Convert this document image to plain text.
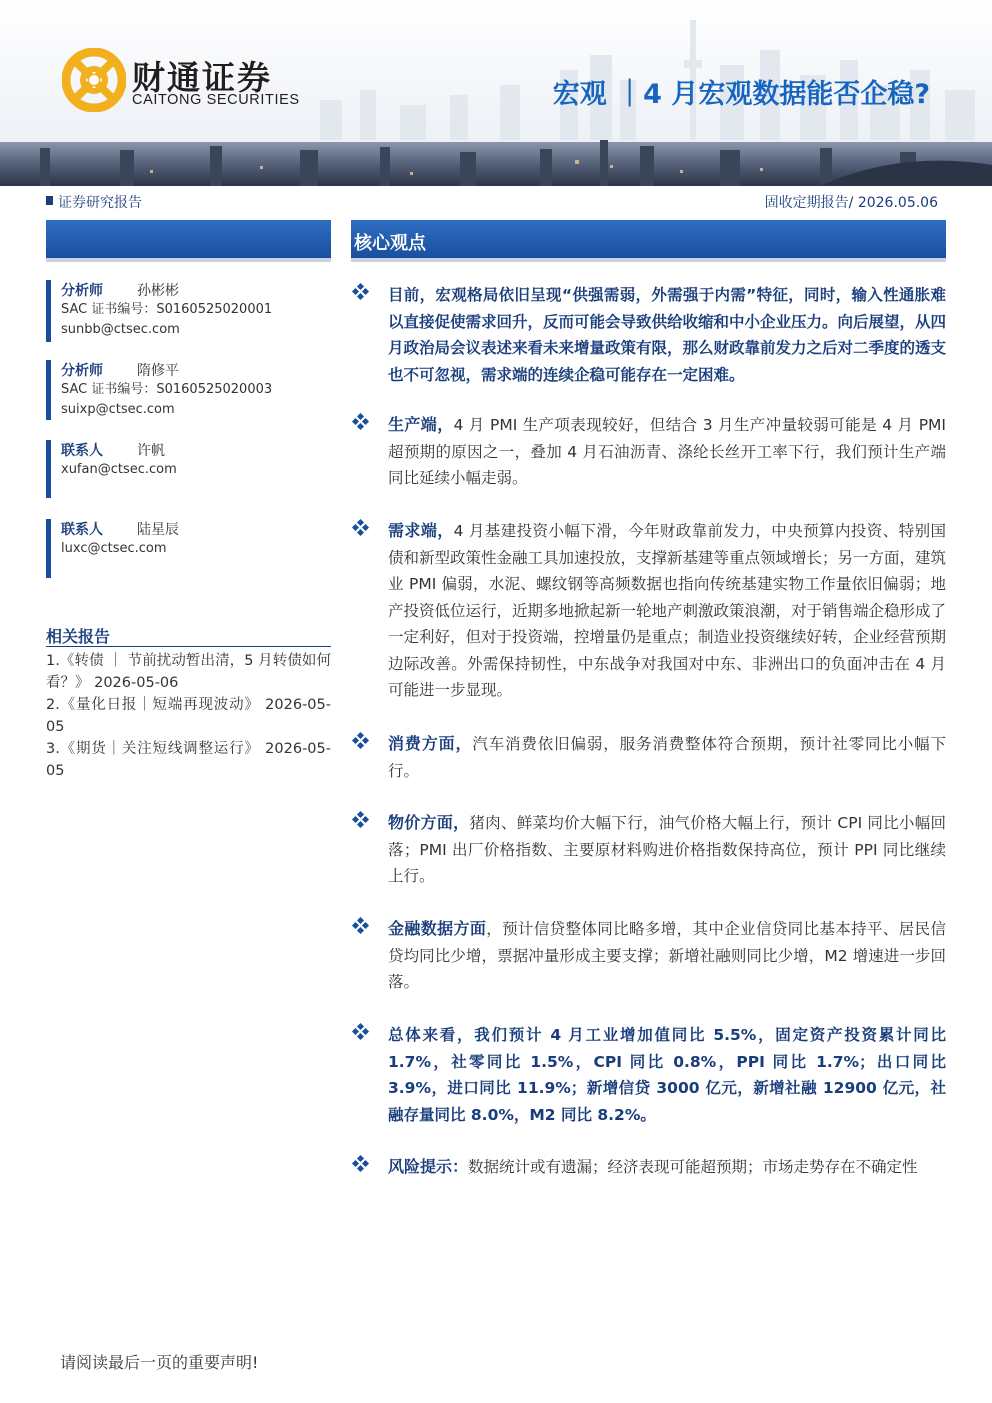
财通证券
CAITONG SECURITIES	宏观 ｜4 月宏观数据能否企稳?
证券研究报告	固收定期报告/ 2026.05.06
分析师 孙彬彬
SAC 证书编号：S0160525020001
sunbb@ctsec.com
分析师 隋修平
SAC 证书编号：S0160525020003
suixp@ctsec.com
联系人 许帆
xufan@ctsec.com
联系人 陆星辰
luxc@ctsec.com
相关报告
1.《转债 ｜ 节前扰动暂出清，5 月转债如何看？》 2026-05-06
2.《量化日报｜短端再现波动》 2026-05-05
3.《期货｜关注短线调整运行》 2026-05-05
核心观点
目前，宏观格局依旧呈现“供强需弱，外需强于内需”特征，同时，输入性通胀难以直接促使需求回升，反而可能会导致供给收缩和中小企业压力。向后展望，从四月政治局会议表述来看未来增量政策有限，那么财政靠前发力之后对二季度的透支也不可忽视，需求端的连续企稳可能存在一定困难。
生产端，4 月 PMI 生产项表现较好，但结合 3 月生产冲量较弱可能是 4 月 PMI 超预期的原因之一，叠加 4 月石油沥青、涤纶长丝开工率下行，我们预计生产端同比延续小幅走弱。
需求端，4 月基建投资小幅下滑，今年财政靠前发力，中央预算内投资、特别国债和新型政策性金融工具加速投放，支撑新基建等重点领域增长；另一方面，建筑业 PMI 偏弱，水泥、螺纹钢等高频数据也指向传统基建实物工作量依旧偏弱；地产投资低位运行，近期多地掀起新一轮地产刺激政策浪潮，对于销售端企稳形成了一定利好，但对于投资端，控增量仍是重点；制造业投资继续好转，企业经营预期边际改善。外需保持韧性，中东战争对我国对中东、非洲出口的负面冲击在 4 月可能进一步显现。
消费方面，汽车消费依旧偏弱，服务消费整体符合预期，预计社零同比小幅下行。
物价方面，猪肉、鲜菜均价大幅下行，油气价格大幅上行，预计 CPI 同比小幅回落；PMI 出厂价格指数、主要原材料购进价格指数保持高位，预计 PPI 同比继续上行。
金融数据方面，预计信贷整体同比略多增，其中企业信贷同比基本持平、居民信贷均同比少增，票据冲量形成主要支撑；新增社融则同比少增，M2 增速进一步回落。
总体来看，我们预计 4 月工业增加值同比 5.5%，固定资产投资累计同比 1.7%，社零同比 1.5%，CPI 同比 0.8%，PPI 同比 1.7%；出口同比 3.9%，进口同比 11.9%；新增信贷 3000 亿元，新增社融 12900 亿元，社融存量同比 8.0%，M2 同比 8.2%。
风险提示：数据统计或有遗漏；经济表现可能超预期；市场走势存在不确定性
请阅读最后一页的重要声明!
